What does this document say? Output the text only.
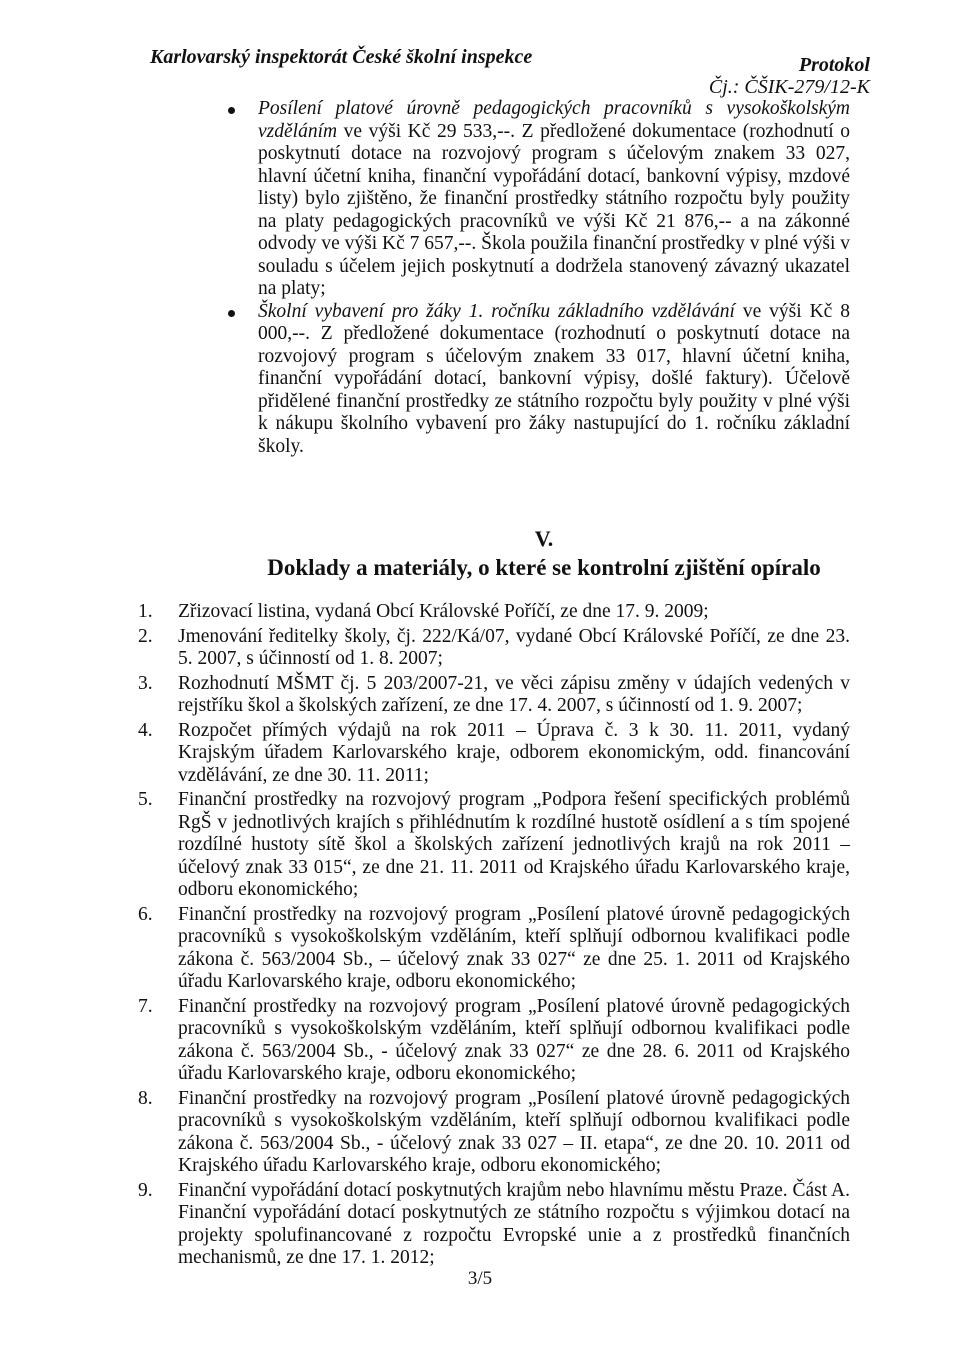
Karlovarský inspektorát České školní inspekce	Protokol
Čj.: ČŠIK-279/12-K
Posílení platové úrovně pedagogických pracovníků s vysokoškolským vzděláním ve výši Kč 29 533,--. Z předložené dokumentace (rozhodnutí o poskytnutí dotace na rozvojový program s účelovým znakem 33 027, hlavní účetní kniha, finanční vypořádání dotací, bankovní výpisy, mzdové listy) bylo zjištěno, že finanční prostředky státního rozpočtu byly použity na platy pedagogických pracovníků ve výši Kč 21 876,-- a na zákonné odvody ve výši Kč 7 657,--. Škola použila finanční prostředky v plné výši v souladu s účelem jejich poskytnutí a dodržela stanovený závazný ukazatel na platy;
Školní vybavení pro žáky 1. ročníku základního vzdělávání ve výši Kč 8 000,--. Z předložené dokumentace (rozhodnutí o poskytnutí dotace na rozvojový program s účelovým znakem 33 017, hlavní účetní kniha, finanční vypořádání dotací, bankovní výpisy, došlé faktury). Účelově přidělené finanční prostředky ze státního rozpočtu byly použity v plné výši k nákupu školního vybavení pro žáky nastupující do 1. ročníku základní školy.
V.
Doklady a materiály, o které se kontrolní zjištění opíralo
1. Zřizovací listina, vydaná Obcí Královské Poříčí, ze dne 17. 9. 2009;
2. Jmenování ředitelky školy, čj. 222/Ká/07, vydané Obcí Královské Poříčí, ze dne 23. 5. 2007, s účinností od 1. 8. 2007;
3. Rozhodnutí MŠMT čj. 5 203/2007-21, ve věci zápisu změny v údajích vedených v rejstříku škol a školských zařízení, ze dne 17. 4. 2007, s účinností od 1. 9. 2007;
4. Rozpočet přímých výdajů na rok 2011 – Úprava č. 3 k 30. 11. 2011, vydaný Krajským úřadem Karlovarského kraje, odborem ekonomickým, odd. financování vzdělávání, ze dne 30. 11. 2011;
5. Finanční prostředky na rozvojový program „Podpora řešení specifických problémů RgŠ v jednotlivých krajích s přihlédnutím k rozdílné hustotě osídlení a s tím spojené rozdílné hustoty sítě škol a školských zařízení jednotlivých krajů na rok 2011 – účelový znak 33 015“, ze dne 21. 11. 2011 od Krajského úřadu Karlovarského kraje, odboru ekonomického;
6. Finanční prostředky na rozvojový program „Posílení platové úrovně pedagogických pracovníků s vysokoškolským vzděláním, kteří splňují odbornou kvalifikaci podle zákona č. 563/2004 Sb., – účelový znak 33 027“ ze dne 25. 1. 2011 od Krajského úřadu Karlovarského kraje, odboru ekonomického;
7. Finanční prostředky na rozvojový program „Posílení platové úrovně pedagogických pracovníků s vysokoškolským vzděláním, kteří splňují odbornou kvalifikaci podle zákona č. 563/2004 Sb., - účelový znak 33 027“ ze dne 28. 6. 2011 od Krajského úřadu Karlovarského kraje, odboru ekonomického;
8. Finanční prostředky na rozvojový program „Posílení platové úrovně pedagogických pracovníků s vysokoškolským vzděláním, kteří splňují odbornou kvalifikaci podle zákona č. 563/2004 Sb., - účelový znak 33 027 – II. etapa“, ze dne 20. 10. 2011 od Krajského úřadu Karlovarského kraje, odboru ekonomického;
9. Finanční vypořádání dotací poskytnutých krajům nebo hlavnímu městu Praze. Část A. Finanční vypořádání dotací poskytnutých ze státního rozpočtu s výjimkou dotací na projekty spolufinancované z rozpočtu Evropské unie a z prostředků finančních mechanismů, ze dne 17. 1. 2012;
3/5
